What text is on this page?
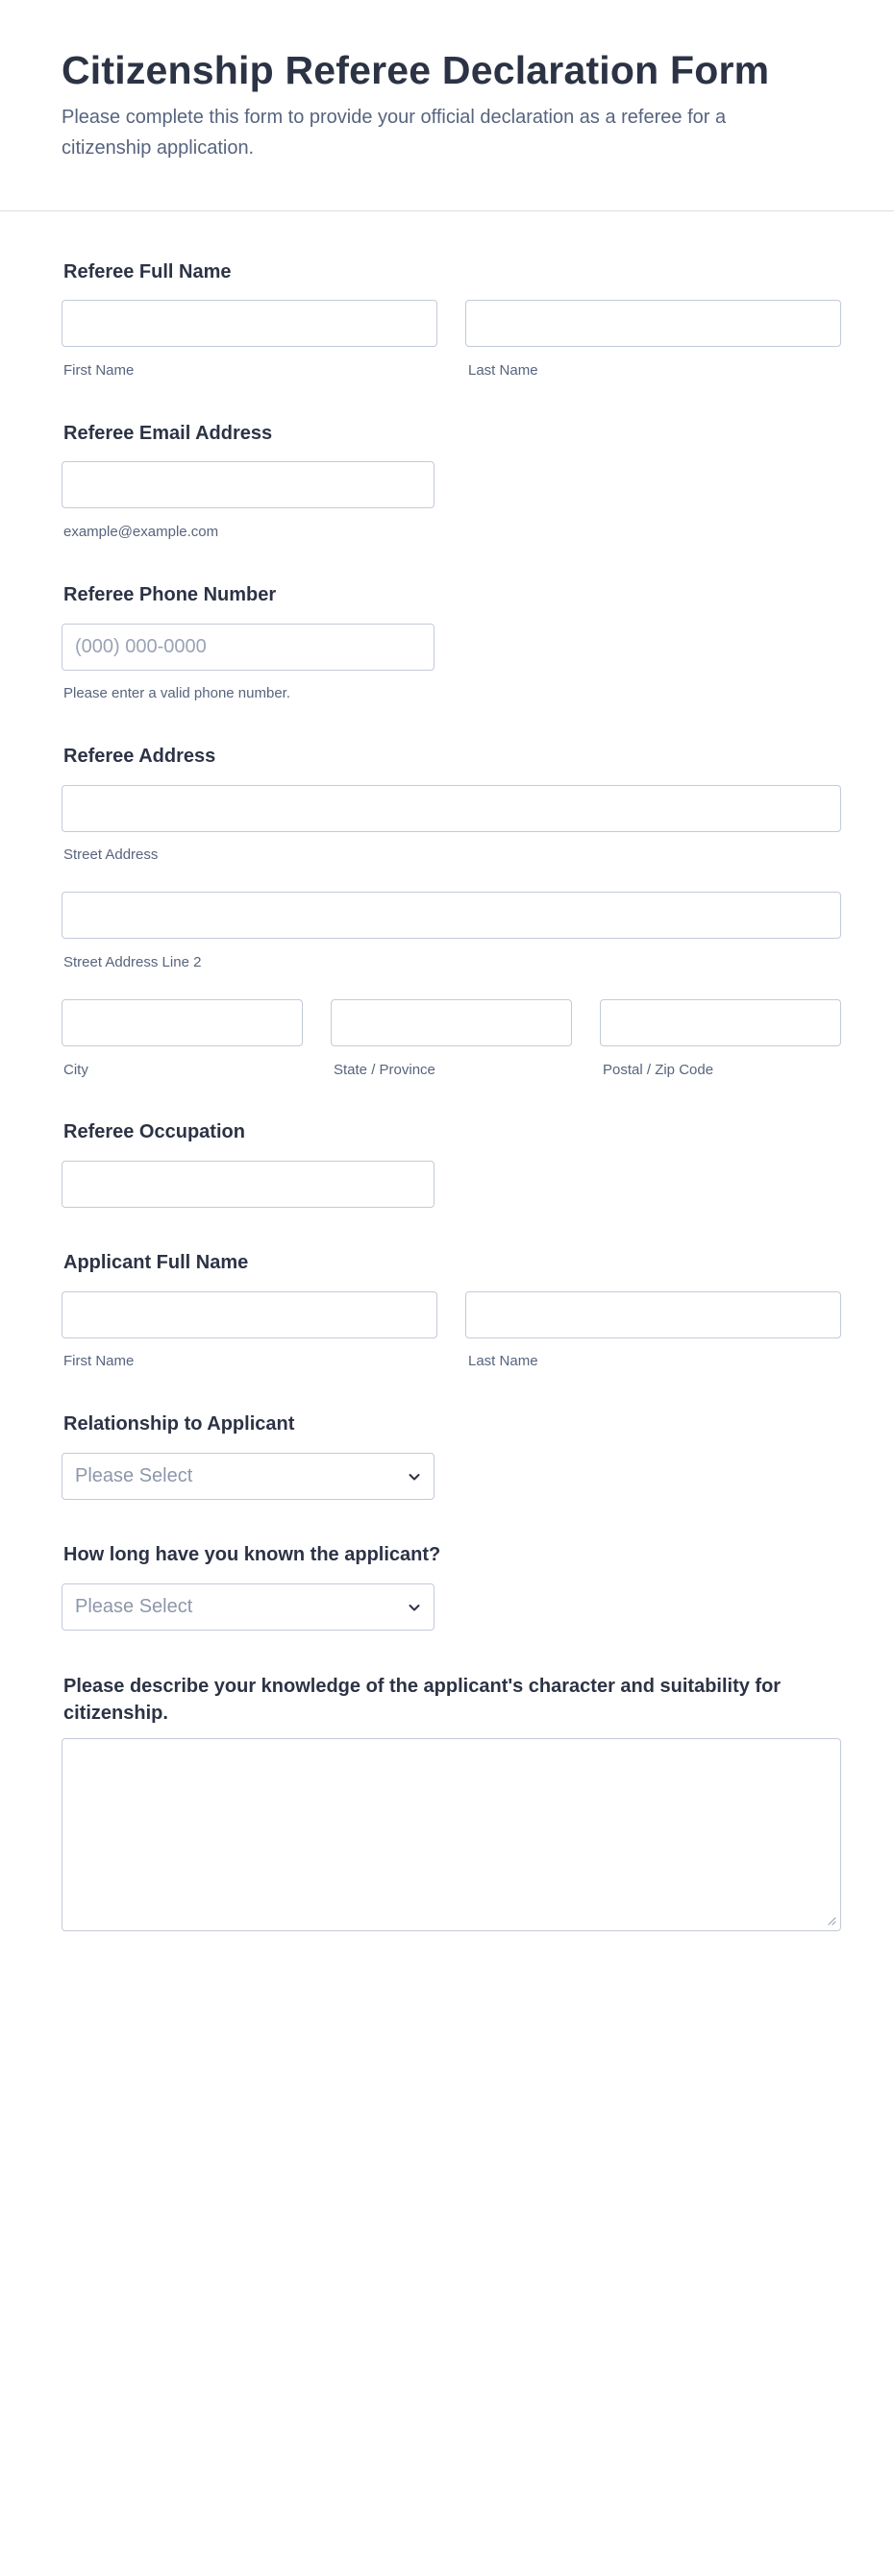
Citizenship Referee Declaration Form

Please complete this form to provide your official declaration as a referee for a citizenship application.

Referee Full Name
First Name	Last Name
Referee Email Address
example@example.com
Referee Phone Number
(000) 000-0000
Please enter a valid phone number.
Referee Address
Street Address
Street Address Line 2
City	State / Province	Postal / Zip Code
Referee Occupation
Applicant Full Name
First Name	Last Name
Relationship to Applicant
Please Select
How long have you known the applicant?
Please Select
Please describe your knowledge of the applicant's character and suitability for citizenship.
